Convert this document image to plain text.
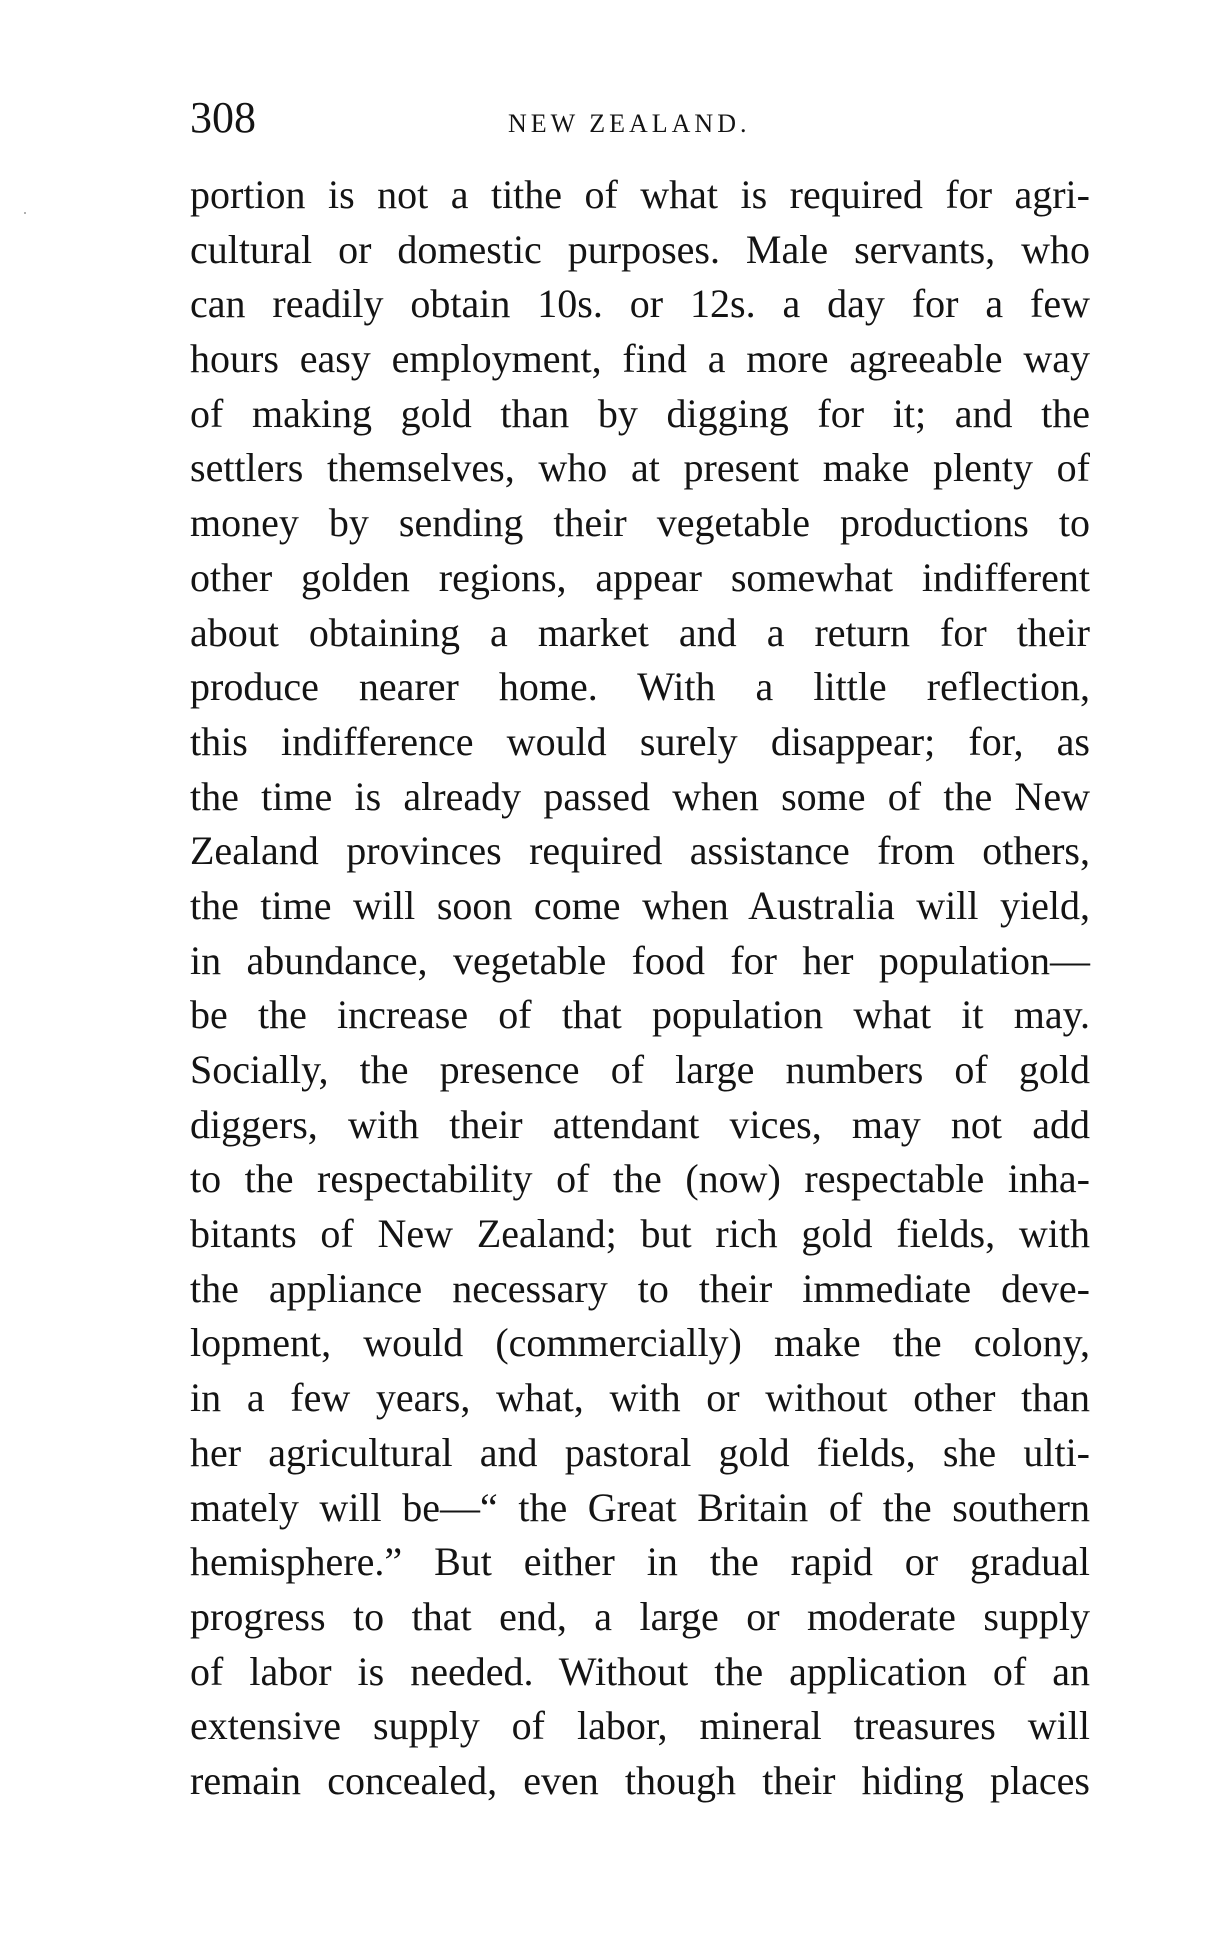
308	NEW ZEALAND.
portion is not a tithe of what is required for agri-
cultural or domestic purposes. Male servants, who
can readily obtain 10s. or 12s. a day for a few
hours easy employment, find a more agreeable way
of making gold than by digging for it; and the
settlers themselves, who at present make plenty of
money by sending their vegetable productions to
other golden regions, appear somewhat indifferent
about obtaining a market and a return for their
produce nearer home. With a little reflection,
this indifference would surely disappear; for, as
the time is already passed when some of the New
Zealand provinces required assistance from others,
the time will soon come when Australia will yield,
in abundance, vegetable food for her population—
be the increase of that population what it may.
Socially, the presence of large numbers of gold
diggers, with their attendant vices, may not add
to the respectability of the (now) respectable inha-
bitants of New Zealand; but rich gold fields, with
the appliance necessary to their immediate deve-
lopment, would (commercially) make the colony,
in a few years, what, with or without other than
her agricultural and pastoral gold fields, she ulti-
mately will be—“ the Great Britain of the southern
hemisphere.” But either in the rapid or gradual
progress to that end, a large or moderate supply
of labor is needed. Without the application of an
extensive supply of labor, mineral treasures will
remain concealed, even though their hiding places
